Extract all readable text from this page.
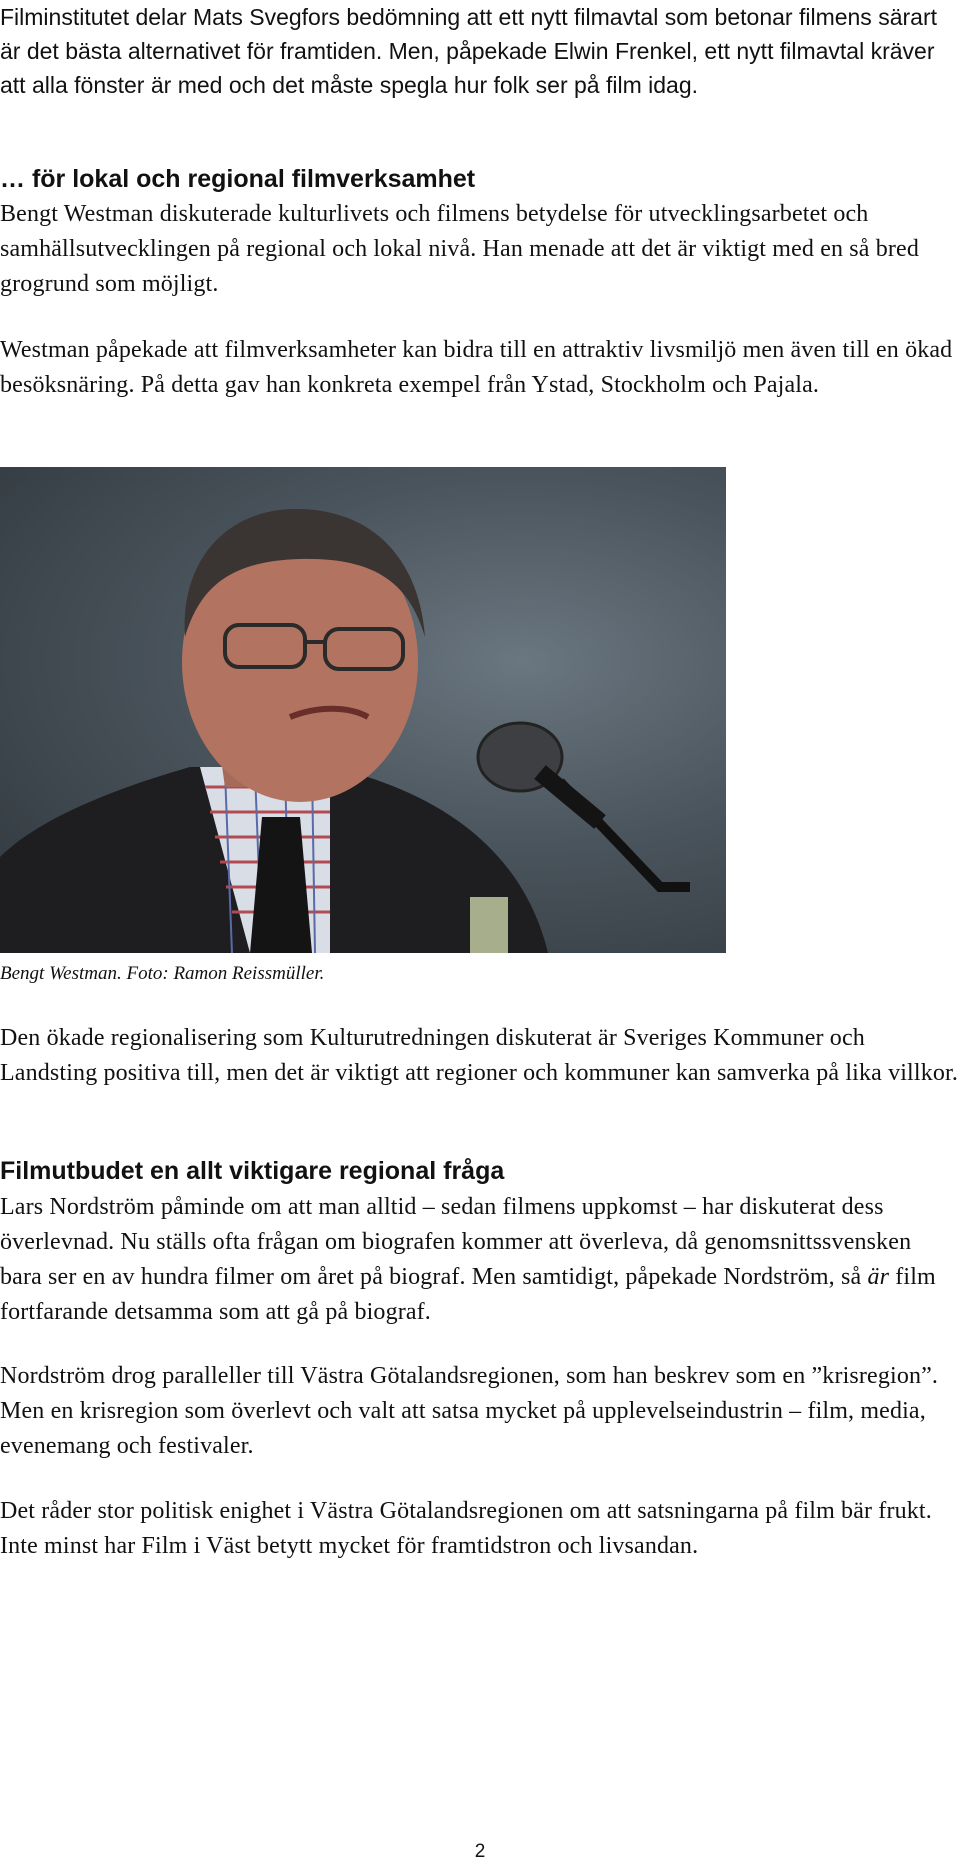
Filminstitutet delar Mats Svegfors bedömning att ett nytt filmavtal som betonar filmens särart är det bästa alternativet för framtiden. Men, påpekade Elwin Frenkel, ett nytt filmavtal kräver att alla fönster är med och det måste spegla hur folk ser på film idag.

… för lokal och regional filmverksamhet

Bengt Westman diskuterade kulturlivets och filmens betydelse för utvecklingsarbetet och samhällsutvecklingen på regional och lokal nivå. Han menade att det är viktigt med en så bred grogrund som möjligt.

Westman påpekade att filmverksamheter kan bidra till en attraktiv livsmiljö men även till en ökad besöksnäring. På detta gav han konkreta exempel från Ystad, Stockholm och Pajala.

Bengt Westman. Foto: Ramon Reissmüller.

Den ökade regionalisering som Kulturutredningen diskuterat är Sveriges Kommuner och Landsting positiva till, men det är viktigt att regioner och kommuner kan samverka på lika villkor.

Filmutbudet en allt viktigare regional fråga

Lars Nordström påminde om att man alltid – sedan filmens uppkomst – har diskuterat dess överlevnad. Nu ställs ofta frågan om biografen kommer att överleva, då genomsnittssvensken bara ser en av hundra filmer om året på biograf. Men samtidigt, påpekade Nordström, så är film fortfarande detsamma som att gå på biograf.

Nordström drog paralleller till Västra Götalandsregionen, som han beskrev som en ”krisregion”. Men en krisregion som överlevt och valt att satsa mycket på upplevelseindustrin – film, media, evenemang och festivaler.

Det råder stor politisk enighet i Västra Götalandsregionen om att satsningarna på film bär frukt. Inte minst har Film i Väst betytt mycket för framtidstron och livsandan.

2
